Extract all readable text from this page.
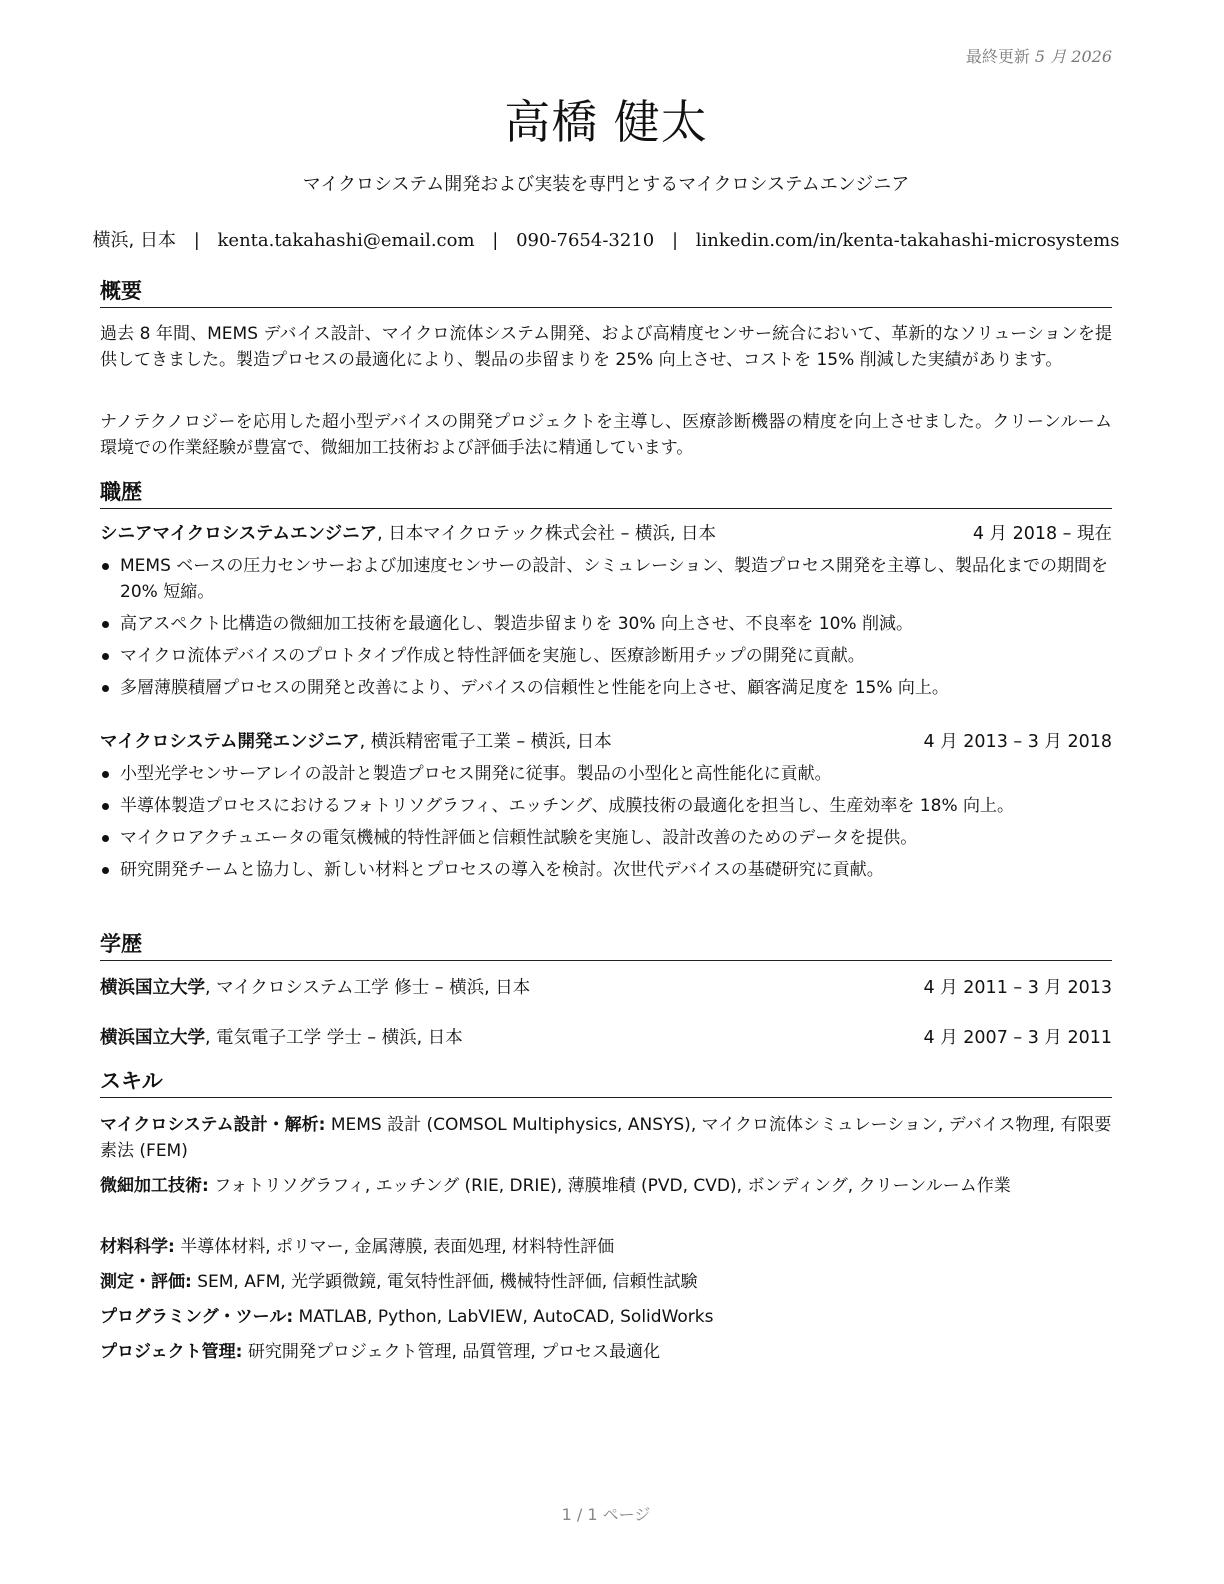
最終更新 5 月 2026
高橋 健太
マイクロシステム開発および実装を専門とするマイクロシステムエンジニア
横浜, 日本 | kenta.takahashi@email.com | 090-7654-3210 | linkedin.com/in/kenta-takahashi-microsystems
概要
過去 8 年間、MEMS デバイス設計、マイクロ流体システム開発、および高精度センサー統合において、革新的なソリューションを提供してきました。製造プロセスの最適化により、製品の歩留まりを 25% 向上させ、コストを 15% 削減した実績があります。
ナノテクノロジーを応用した超小型デバイスの開発プロジェクトを主導し、医療診断機器の精度を向上させました。クリーンルーム環境での作業経験が豊富で、微細加工技術および評価手法に精通しています。
職歴
シニアマイクロシステムエンジニア, 日本マイクロテック株式会社 – 横浜, 日本	4 月 2018 – 現在
MEMS ベースの圧力センサーおよび加速度センサーの設計、シミュレーション、製造プロセス開発を主導し、製品化までの期間を 20% 短縮。
高アスペクト比構造の微細加工技術を最適化し、製造歩留まりを 30% 向上させ、不良率を 10% 削減。
マイクロ流体デバイスのプロトタイプ作成と特性評価を実施し、医療診断用チップの開発に貢献。
多層薄膜積層プロセスの開発と改善により、デバイスの信頼性と性能を向上させ、顧客満足度を 15% 向上。
マイクロシステム開発エンジニア, 横浜精密電子工業 – 横浜, 日本	4 月 2013 – 3 月 2018
小型光学センサーアレイの設計と製造プロセス開発に従事。製品の小型化と高性能化に貢献。
半導体製造プロセスにおけるフォトリソグラフィ、エッチング、成膜技術の最適化を担当し、生産効率を 18% 向上。
マイクロアクチュエータの電気機械的特性評価と信頼性試験を実施し、設計改善のためのデータを提供。
研究開発チームと協力し、新しい材料とプロセスの導入を検討。次世代デバイスの基礎研究に貢献。
学歴
横浜国立大学, マイクロシステム工学 修士 – 横浜, 日本	4 月 2011 – 3 月 2013
横浜国立大学, 電気電子工学 学士 – 横浜, 日本	4 月 2007 – 3 月 2011
スキル
マイクロシステム設計・解析: MEMS 設計 (COMSOL Multiphysics, ANSYS), マイクロ流体シミュレーション, デバイス物理, 有限要素法 (FEM)
微細加工技術: フォトリソグラフィ, エッチング (RIE, DRIE), 薄膜堆積 (PVD, CVD), ボンディング, クリーンルーム作業
材料科学: 半導体材料, ポリマー, 金属薄膜, 表面処理, 材料特性評価
測定・評価: SEM, AFM, 光学顕微鏡, 電気特性評価, 機械特性評価, 信頼性試験
プログラミング・ツール: MATLAB, Python, LabVIEW, AutoCAD, SolidWorks
プロジェクト管理: 研究開発プロジェクト管理, 品質管理, プロセス最適化
1 / 1 ページ
